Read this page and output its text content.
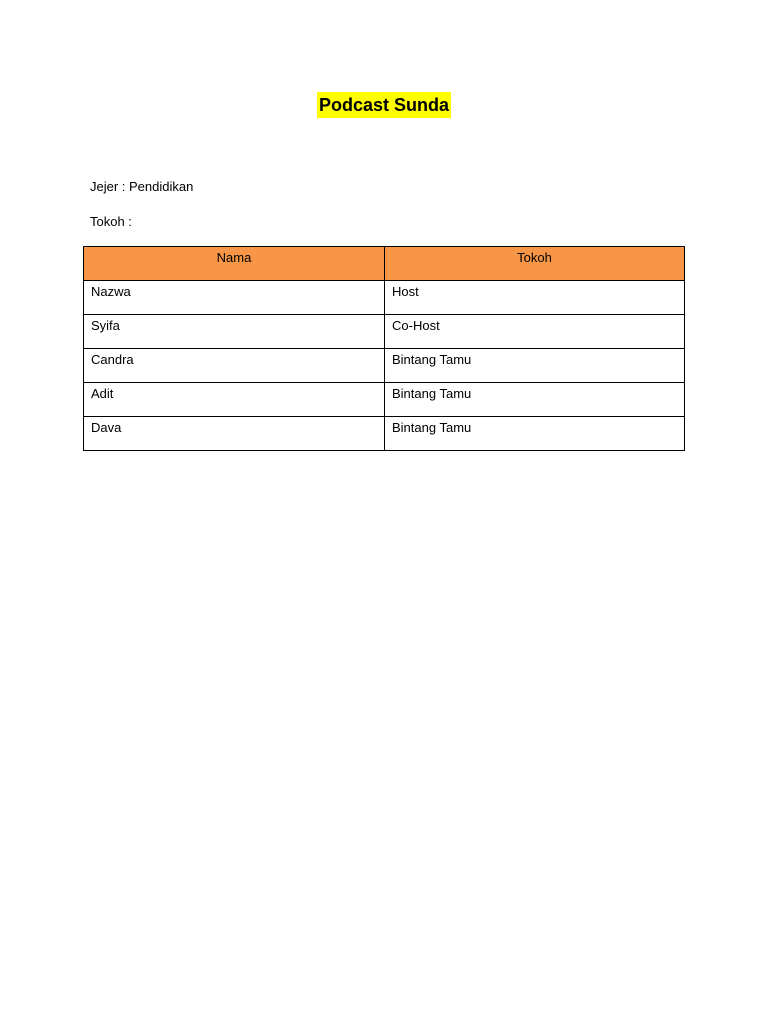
Podcast Sunda
Jejer : Pendidikan
Tokoh :
Nama	Tokoh
Nazwa	Host
Syifa	Co-Host
Candra	Bintang Tamu
Adit	Bintang Tamu
Dava	Bintang Tamu
